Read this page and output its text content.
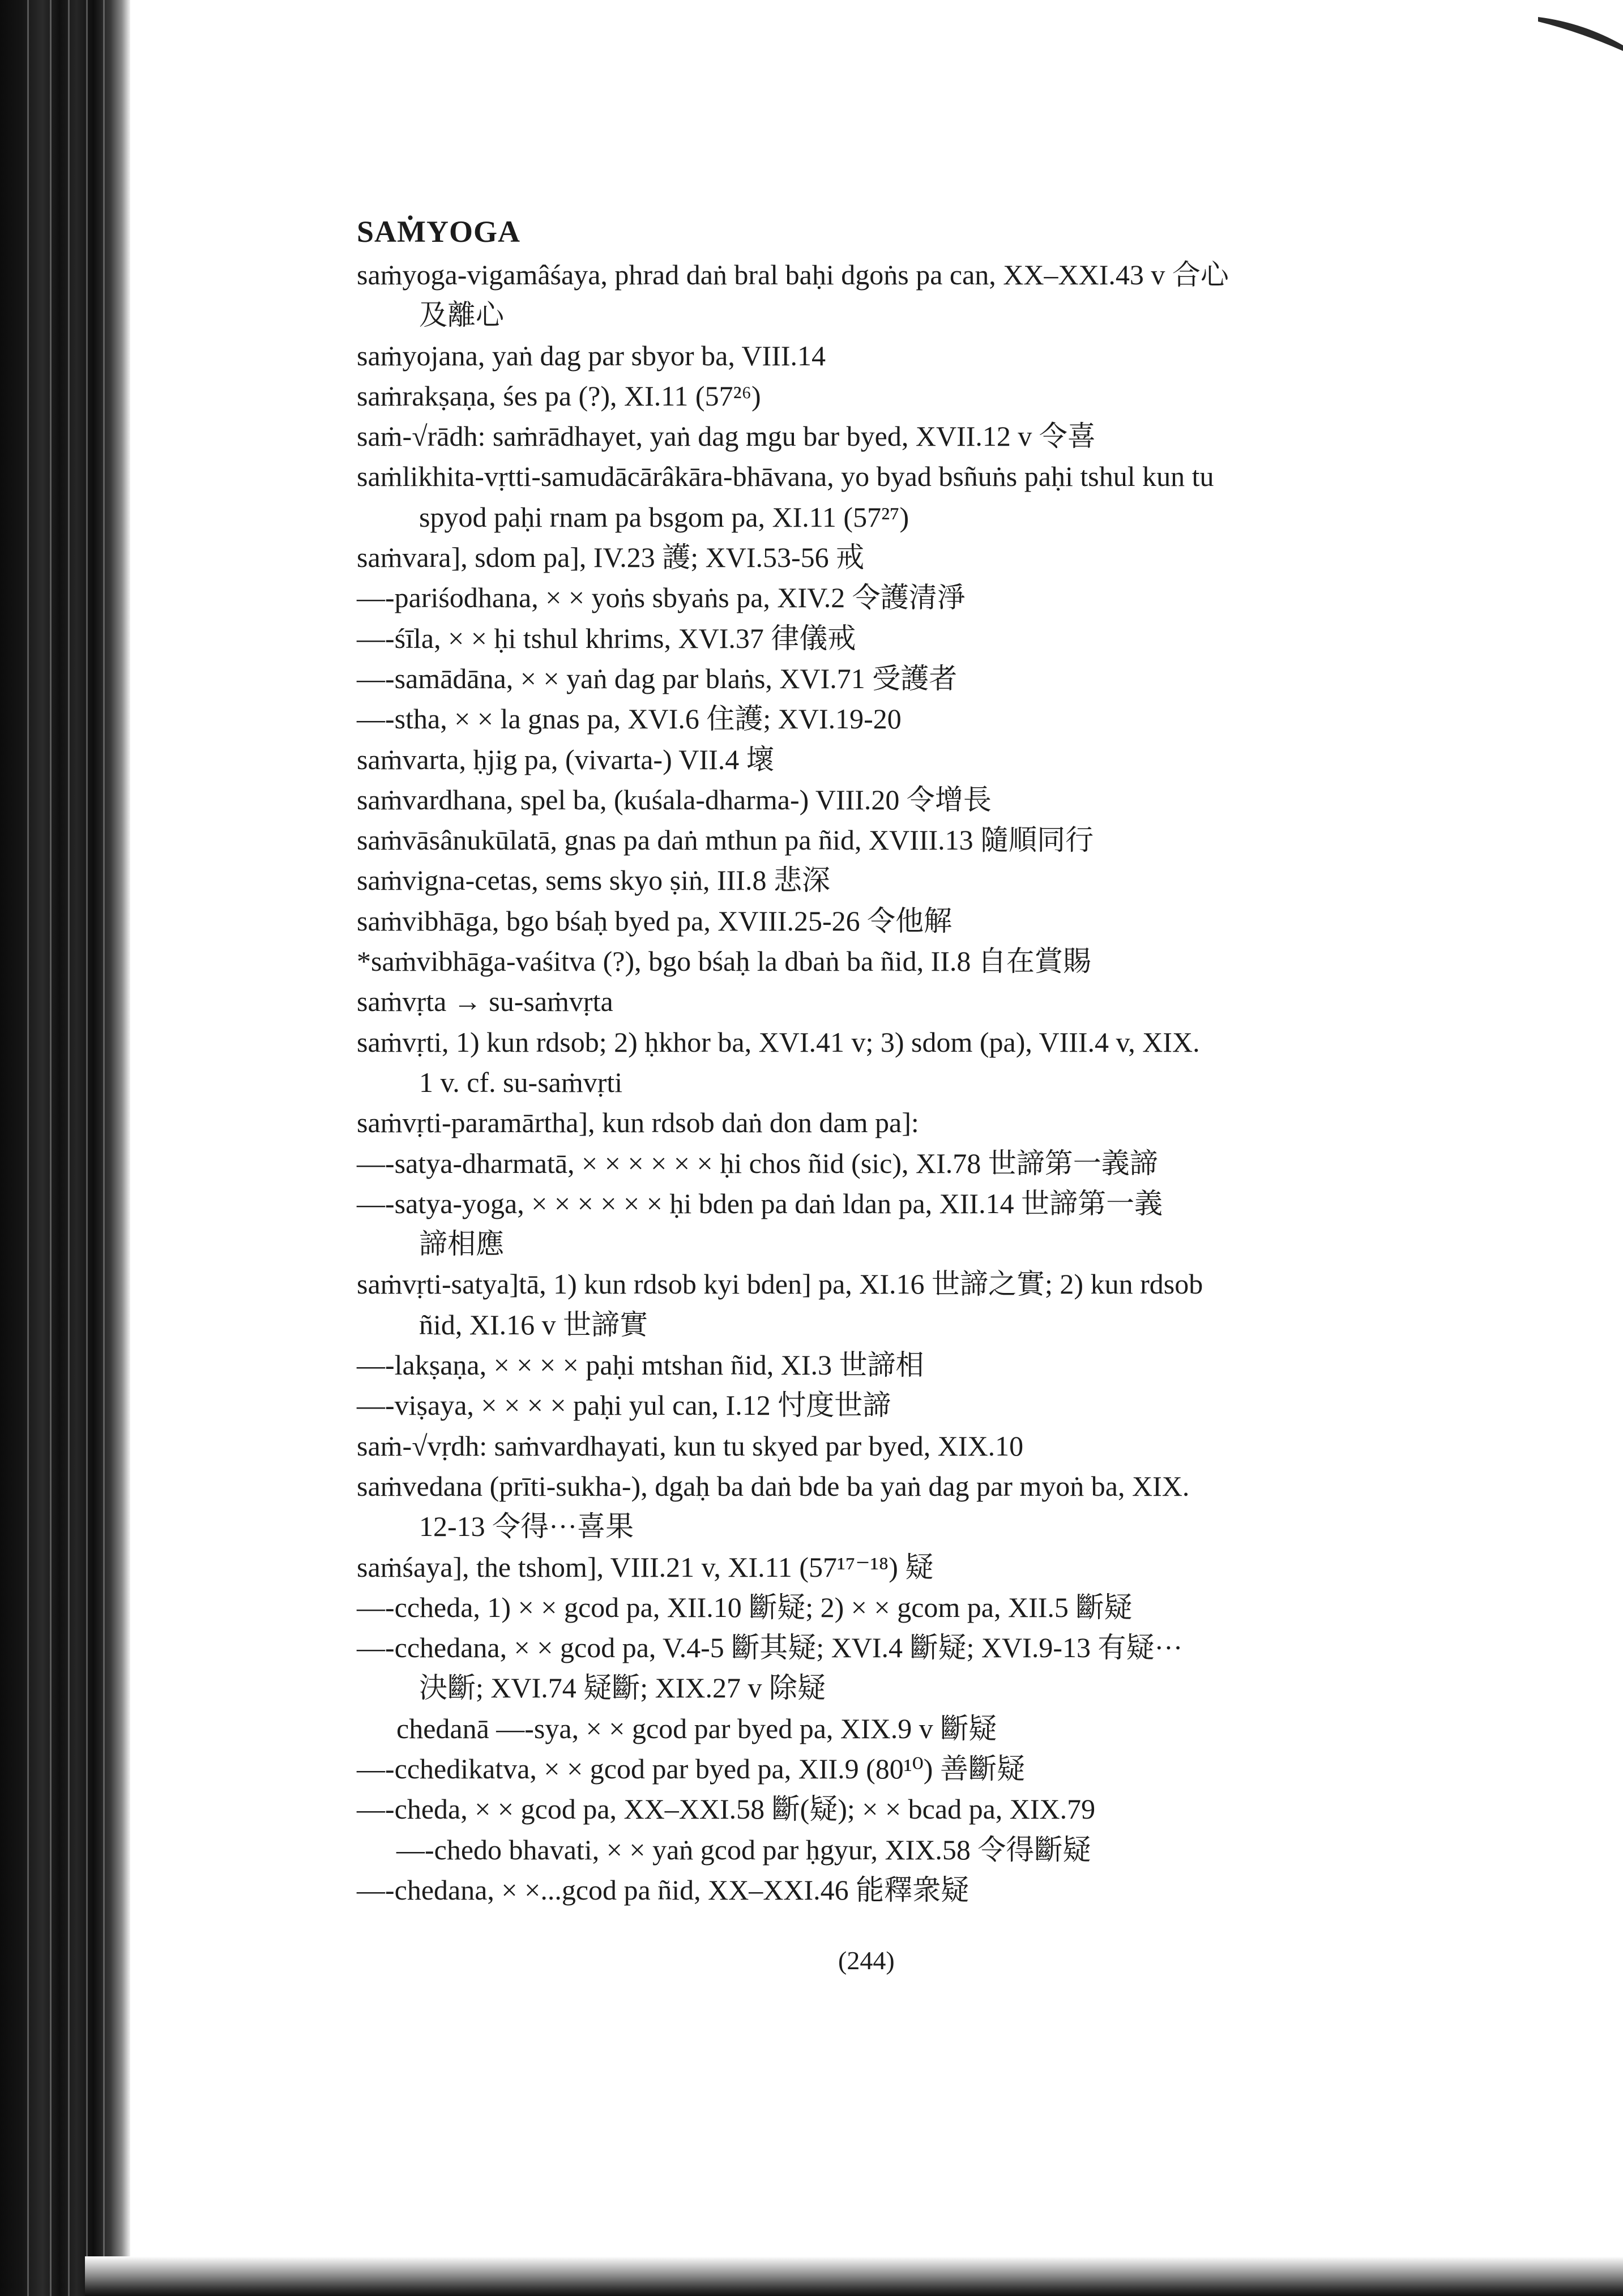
SAṀYOGA
saṁyoga-vigamâśaya, phrad daṅ bral baḥi dgoṅs pa can, XX–XXI.43 v 合心
及離心
saṁyojana, yaṅ dag par sbyor ba, VIII.14
saṁrakṣaṇa, śes pa (?), XI.11 (57²⁶)
saṁ-√rādh: saṁrādhayet, yaṅ dag mgu bar byed, XVII.12 v 令喜
saṁlikhita-vṛtti-samudācārâkāra-bhāvana, yo byad bsñuṅs paḥi tshul kun tu
spyod paḥi rnam pa bsgom pa, XI.11 (57²⁷)
saṁvara], sdom pa], IV.23 護; XVI.53-56 戒
—-pariśodhana, × × yoṅs sbyaṅs pa, XIV.2 令護清淨
—-śīla, × × ḥi tshul khrims, XVI.37 律儀戒
—-samādāna, × × yaṅ dag par blaṅs, XVI.71 受護者
—-stha, × × la gnas pa, XVI.6 住護; XVI.19-20
saṁvarta, ḥjig pa, (vivarta-) VII.4 壞
saṁvardhana, spel ba, (kuśala-dharma-) VIII.20 令增長
saṁvāsânukūlatā, gnas pa daṅ mthun pa ñid, XVIII.13 隨順同行
saṁvigna-cetas, sems skyo ṣiṅ, III.8 悲深
saṁvibhāga, bgo bśaḥ byed pa, XVIII.25-26 令他解
*saṁvibhāga-vaśitva (?), bgo bśaḥ la dbaṅ ba ñid, II.8 自在賞賜
saṁvṛta → su-saṁvṛta
saṁvṛti, 1) kun rdsob; 2) ḥkhor ba, XVI.41 v; 3) sdom (pa), VIII.4 v, XIX.
1 v. cf. su-saṁvṛti
saṁvṛti-paramārtha], kun rdsob daṅ don dam pa]:
—-satya-dharmatā, × × × × × × ḥi chos ñid (sic), XI.78 世諦第一義諦
—-satya-yoga, × × × × × × ḥi bden pa daṅ ldan pa, XII.14 世諦第一義
諦相應
saṁvṛti-satya]tā, 1) kun rdsob kyi bden] pa, XI.16 世諦之實; 2) kun rdsob
ñid, XI.16 v 世諦實
—-lakṣaṇa, × × × × paḥi mtshan ñid, XI.3 世諦相
—-viṣaya, × × × × paḥi yul can, I.12 忖度世諦
saṁ-√vṛdh: saṁvardhayati, kun tu skyed par byed, XIX.10
saṁvedana (prīti-sukha-), dgaḥ ba daṅ bde ba yaṅ dag par myoṅ ba, XIX.
12-13 令得···喜果
saṁśaya], the tshom], VIII.21 v, XI.11 (57¹⁷⁻¹⁸) 疑
—-ccheda, 1) × × gcod pa, XII.10 斷疑; 2) × × gcom pa, XII.5 斷疑
—-cchedana, × × gcod pa, V.4-5 斷其疑; XVI.4 斷疑; XVI.9-13 有疑···
決斷; XVI.74 疑斷; XIX.27 v 除疑
chedanā —-sya, × × gcod par byed pa, XIX.9 v 斷疑
—-cchedikatva, × × gcod par byed pa, XII.9 (80¹⁰) 善斷疑
—-cheda, × × gcod pa, XX–XXI.58 斷(疑); × × bcad pa, XIX.79
—-chedo bhavati, × × yaṅ gcod par ḥgyur, XIX.58 令得斷疑
—-chedana, × ×...gcod pa ñid, XX–XXI.46 能釋衆疑
(244)
